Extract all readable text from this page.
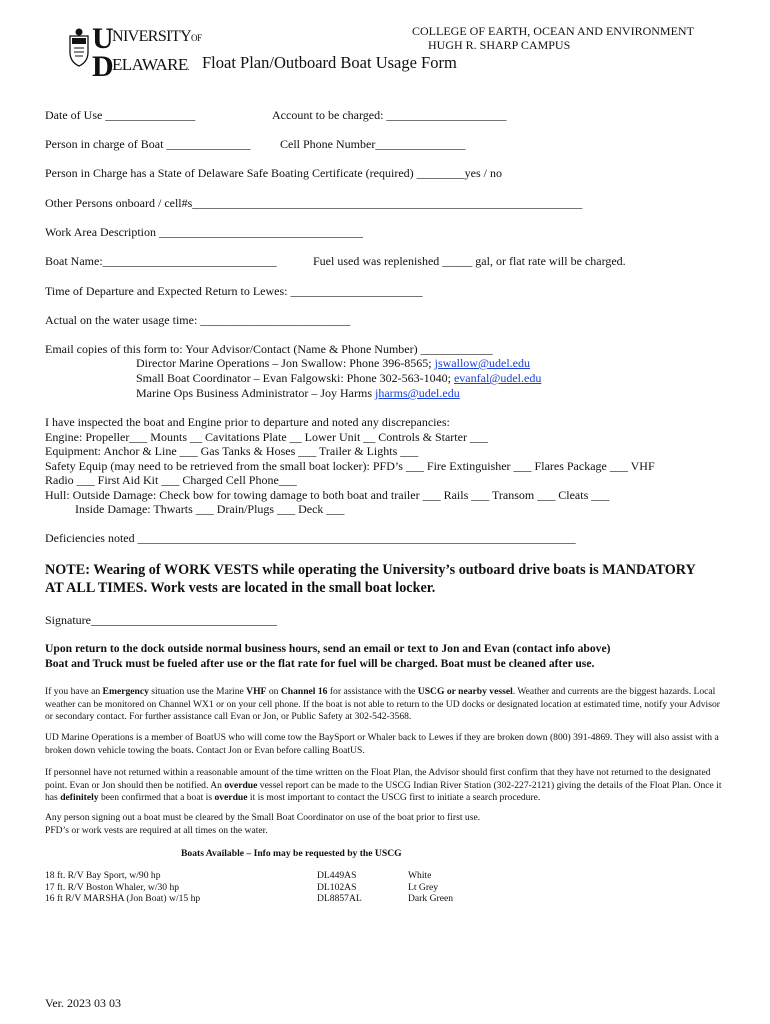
U
D
NIVERSITYOF
ELAWARE.
COLLEGE OF EARTH, OCEAN AND ENVIRONMENT
HUGH R. SHARP CAMPUS
Float Plan/Outboard Boat Usage Form
Date of Use _______________	Account to be charged: ____________________
Person in charge of Boat ______________ Cell Phone Number_______________
Person in Charge has a State of Delaware Safe Boating Certificate (required) ________yes / no
Other Persons onboard / cell#s_________________________________________________________________
Work Area Description __________________________________
Boat Name:_____________________________	Fuel used was replenished _____ gal, or flat rate will be charged.
Time of Departure and Expected Return to Lewes: ______________________
Actual on the water usage time: _________________________
Email copies of this form to: Your Advisor/Contact (Name & Phone Number) ____________
Director Marine Operations – Jon Swallow: Phone 396-8565; jswallow@udel.edu
Small Boat Coordinator – Evan Falgowski: Phone 302-563-1040; evanfal@udel.edu
Marine Ops Business Administrator – Joy Harms jharms@udel.edu
I have inspected the boat and Engine prior to departure and noted any discrepancies:
Engine: Propeller___ Mounts __ Cavitations Plate __ Lower Unit __ Controls & Starter ___
Equipment: Anchor & Line ___ Gas Tanks & Hoses ___ Trailer & Lights ___
Safety Equip (may need to be retrieved from the small boat locker): PFD’s ___ Fire Extinguisher ___ Flares Package ___ VHF
Radio ___ First Aid Kit ___ Charged Cell Phone___
Hull: Outside Damage: Check bow for towing damage to both boat and trailer ___ Rails ___ Transom ___ Cleats ___
Inside Damage: Thwarts ___ Drain/Plugs ___ Deck ___
Deficiencies noted _________________________________________________________________________
NOTE: Wearing of WORK VESTS while operating the University’s outboard drive boats is MANDATORY AT ALL TIMES. Work vests are located in the small boat locker.
Signature_______________________________
Upon return to the dock outside normal business hours, send an email or text to Jon and Evan (contact info above)
Boat and Truck must be fueled after use or the flat rate for fuel will be charged. Boat must be cleaned after use.
If you have an Emergency situation use the Marine VHF on Channel 16 for assistance with the USCG or nearby vessel. Weather and currents are the biggest hazards. Local weather can be monitored on Channel WX1 or on your cell phone. If the boat is not able to return to the UD docks or designated location at estimated time, notify your Advisor or secondary contact. For further assistance call Evan or Jon, or Public Safety at 302-542-3568.
UD Marine Operations is a member of BoatUS who will come tow the BaySport or Whaler back to Lewes if they are broken down (800) 391-4869. They will also assist with a broken down vehicle towing the boats. Contact Jon or Evan before calling BoatUS.
If personnel have not returned within a reasonable amount of the time written on the Float Plan, the Advisor should first confirm that they have not returned to the designated point. Evan or Jon should then be notified. An overdue vessel report can be made to the USCG Indian River Station (302-227-2121) giving the details of the Float Plan. Once it has definitely been confirmed that a boat is overdue it is most important to contact the USCG first to initiate a search procedure.
Any person signing out a boat must be cleared by the Small Boat Coordinator on use of the boat prior to first use.
PFD’s or work vests are required at all times on the water.
Boats Available – Info may be requested by the USCG
18 ft. R/V Bay Sport, w/90 hp	DL449AS	White
17 ft. R/V Boston Whaler, w/30 hp	DL102AS	Lt Grey
16 ft R/V MARSHA (Jon Boat) w/15 hp	DL8857AL	Dark Green
Ver. 2023 03 03
